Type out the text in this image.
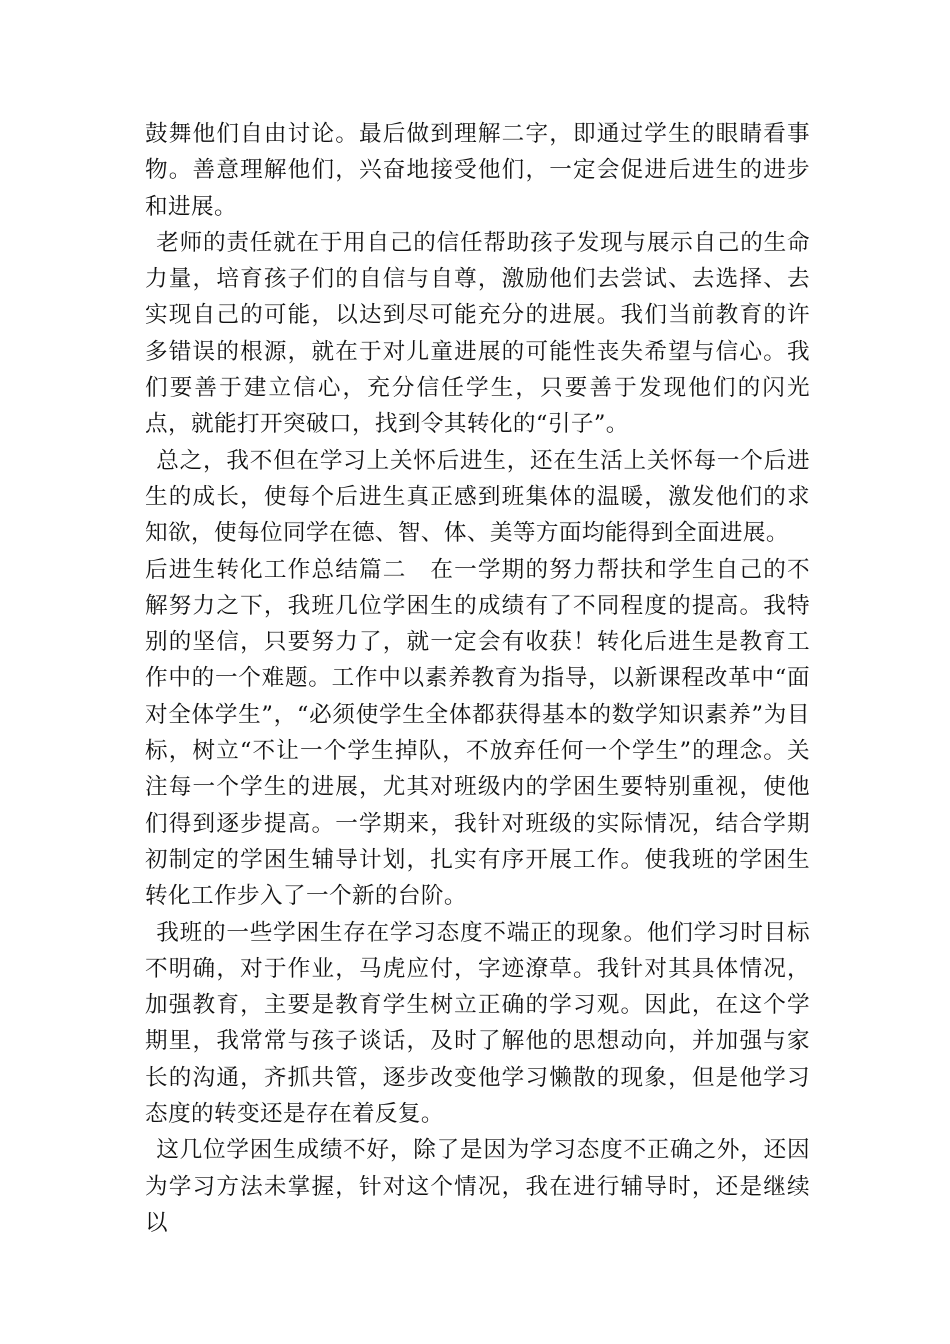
鼓舞他们自由讨论。最后做到理解二字，即通过学生的眼睛看事物。善意理解他们，兴奋地接受他们，一定会促进后进生的进步和进展。

老师的责任就在于用自己的信任帮助孩子发现与展示自己的生命力量，培育孩子们的自信与自尊，激励他们去尝试、去选择、去实现自己的可能，以达到尽可能充分的进展。我们当前教育的许多错误的根源，就在于对儿童进展的可能性丧失希望与信心。我们要善于建立信心，充分信任学生，只要善于发现他们的闪光点，就能打开突破口，找到令其转化的“引子”。

总之，我不但在学习上关怀后进生，还在生活上关怀每一个后进生的成长，使每个后进生真正感到班集体的温暖，激发他们的求知欲，使每位同学在德、智、体、美等方面均能得到全面进展。

后进生转化工作总结篇二　在一学期的努力帮扶和学生自己的不解努力之下，我班几位学困生的成绩有了不同程度的提高。我特别的坚信，只要努力了，就一定会有收获！转化后进生是教育工作中的一个难题。工作中以素养教育为指导，以新课程改革中“面对全体学生”，“必须使学生全体都获得基本的数学知识素养”为目标，树立“不让一个学生掉队，不放弃任何一个学生”的理念。关注每一个学生的进展，尤其对班级内的学困生要特别重视，使他们得到逐步提高。一学期来，我针对班级的实际情况，结合学期初制定的学困生辅导计划，扎实有序开展工作。使我班的学困生转化工作步入了一个新的台阶。

我班的一些学困生存在学习态度不端正的现象。他们学习时目标不明确，对于作业，马虎应付，字迹潦草。我针对其具体情况，加强教育，主要是教育学生树立正确的学习观。因此，在这个学期里，我常常与孩子谈话，及时了解他的思想动向，并加强与家长的沟通，齐抓共管，逐步改变他学习懒散的现象，但是他学习态度的转变还是存在着反复。

这几位学困生成绩不好，除了是因为学习态度不正确之外，还因为学习方法未掌握，针对这个情况，我在进行辅导时，还是继续以
